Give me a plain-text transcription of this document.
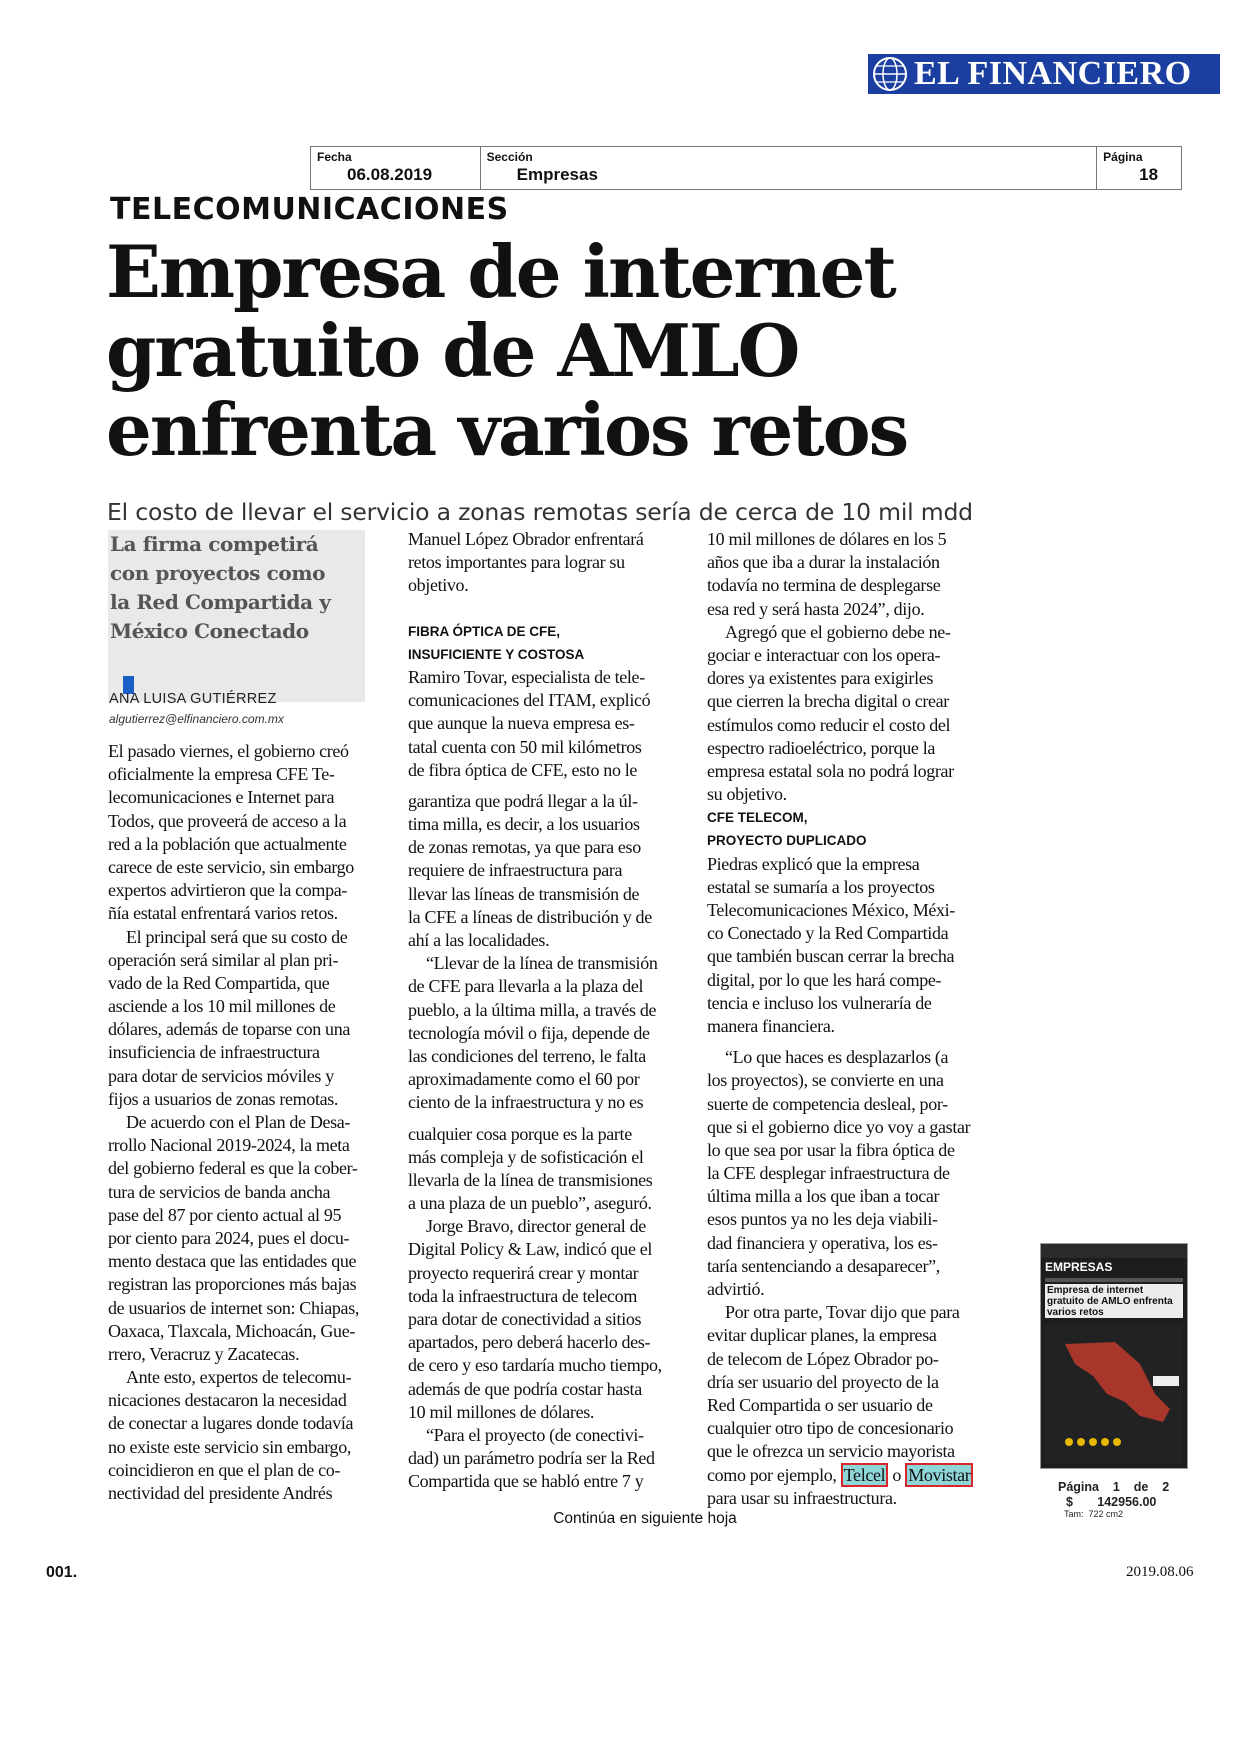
EL FINANCIERO
Fecha
06.08.2019
Sección
Empresas
Página
18
TELECOMUNICACIONES
Empresa de internet
gratuito de AMLO
enfrenta varios retos
El costo de llevar el servicio a zonas remotas sería de cerca de 10 mil mdd
La firma competirá
con proyectos como
la Red Compartida y
México Conectado
ANA LUISA GUTIÉRREZ
algutierrez@elfinanciero.com.mx
El pasado viernes, el gobierno creó
oficialmente la empresa CFE Te-
lecomunicaciones e Internet para
Todos, que proveerá de acceso a la
red a la población que actualmente
carece de este servicio, sin embargo
expertos advirtieron que la compa-
ñía estatal enfrentará varios retos.
El principal será que su costo de
operación será similar al plan pri-
vado de la Red Compartida, que
asciende a los 10 mil millones de
dólares, además de toparse con una
insuficiencia de infraestructura
para dotar de servicios móviles y
fijos a usuarios de zonas remotas.
De acuerdo con el Plan de Desa-
rrollo Nacional 2019-2024, la meta
del gobierno federal es que la cober-
tura de servicios de banda ancha
pase del 87 por ciento actual al 95
por ciento para 2024, pues el docu-
mento destaca que las entidades que
registran las proporciones más bajas
de usuarios de internet son: Chiapas,
Oaxaca, Tlaxcala, Michoacán, Gue-
rrero, Veracruz y Zacatecas.
Ante esto, expertos de telecomu-
nicaciones destacaron la necesidad
de conectar a lugares donde todavía
no existe este servicio sin embargo,
coincidieron en que el plan de co-
nectividad del presidente Andrés
Manuel López Obrador enfrentará
retos importantes para lograr su
objetivo.
FIBRA ÓPTICA DE CFE,
INSUFICIENTE Y COSTOSA
Ramiro Tovar, especialista de tele-
comunicaciones del ITAM, explicó
que aunque la nueva empresa es-
tatal cuenta con 50 mil kilómetros
de fibra óptica de CFE, esto no le
garantiza que podrá llegar a la úl-
tima milla, es decir, a los usuarios
de zonas remotas, ya que para eso
requiere de infraestructura para
llevar las líneas de transmisión de
la CFE a líneas de distribución y de
ahí a las localidades.
“Llevar de la línea de transmisión
de CFE para llevarla a la plaza del
pueblo, a la última milla, a través de
tecnología móvil o fija, depende de
las condiciones del terreno, le falta
aproximadamente como el 60 por
ciento de la infraestructura y no es
cualquier cosa porque es la parte
más compleja y de sofisticación el
llevarla de la línea de transmisiones
a una plaza de un pueblo”, aseguró.
Jorge Bravo, director general de
Digital Policy & Law, indicó que el
proyecto requerirá crear y montar
toda la infraestructura de telecom
para dotar de conectividad a sitios
apartados, pero deberá hacerlo des-
de cero y eso tardaría mucho tiempo,
además de que podría costar hasta
10 mil millones de dólares.
“Para el proyecto (de conectivi-
dad) un parámetro podría ser la Red
Compartida que se habló entre 7 y
10 mil millones de dólares en los 5
años que iba a durar la instalación
todavía no termina de desplegarse
esa red y será hasta 2024”, dijo.
Agregó que el gobierno debe ne-
gociar e interactuar con los opera-
dores ya existentes para exigirles
que cierren la brecha digital o crear
estímulos como reducir el costo del
espectro radioeléctrico, porque la
empresa estatal sola no podrá lograr
su objetivo.
CFE TELECOM,
PROYECTO DUPLICADO
Piedras explicó que la empresa
estatal se sumaría a los proyectos
Telecomunicaciones México, Méxi-
co Conectado y la Red Compartida
que también buscan cerrar la brecha
digital, por lo que les hará compe-
tencia e incluso los vulneraría de
manera financiera.
“Lo que haces es desplazarlos (a
los proyectos), se convierte en una
suerte de competencia desleal, por-
que si el gobierno dice yo voy a gastar
lo que sea por usar la fibra óptica de
la CFE desplegar infraestructura de
última milla a los que iban a tocar
esos puntos ya no les deja viabili-
dad financiera y operativa, los es-
taría sentenciando a desaparecer”,
advirtió.
Por otra parte, Tovar dijo que para
evitar duplicar planes, la empresa
de telecom de López Obrador po-
dría ser usuario del proyecto de la
Red Compartida o ser usuario de
cualquier otro tipo de concesionario
que le ofrezca un servicio mayorista
como por ejemplo, Telcel o Movistar
para usar su infraestructura.
Continúa en siguiente hoja
EMPRESAS
Empresa de internet gratuito de AMLO enfrenta varios retos
Página    1    de    2
$       142956.00
Tam:  722 cm2
001.	2019.08.06
